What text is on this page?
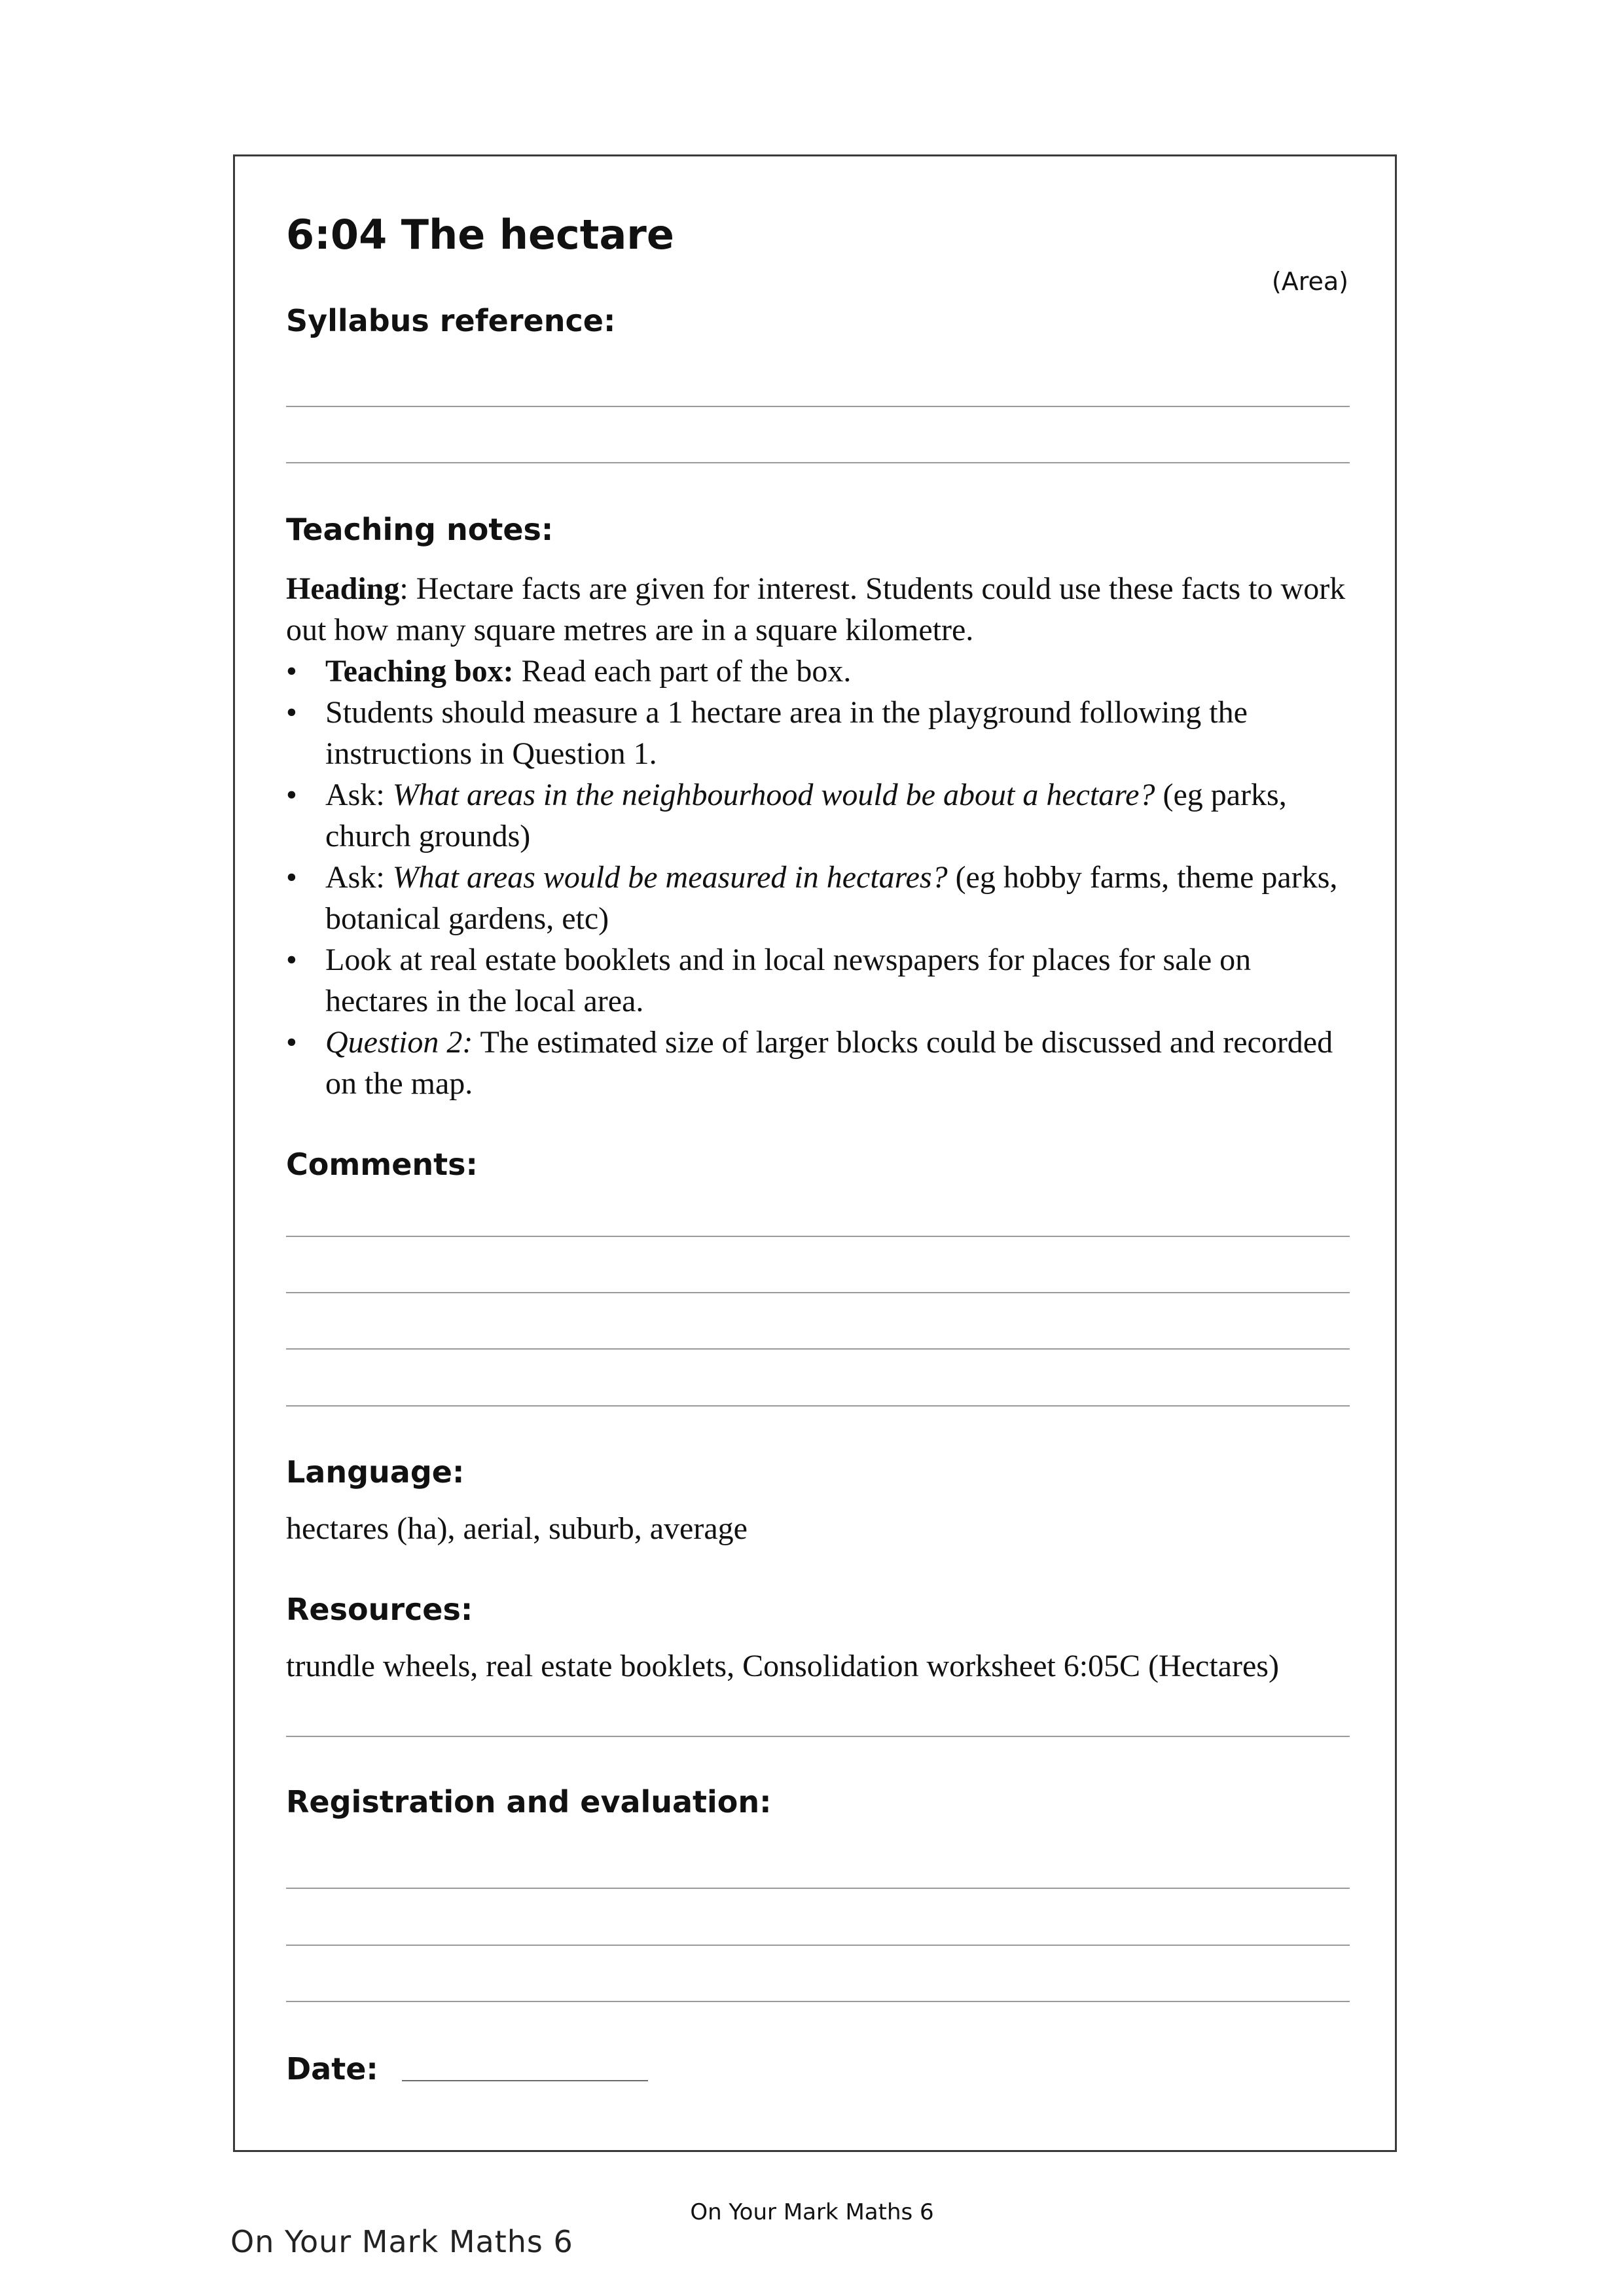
6:04 The hectare
(Area)
Syllabus reference:
Teaching notes:
Heading: Hectare facts are given for interest. Students could use these facts to work out how many square metres are in a square kilometre.
• Teaching box: Read each part of the box.
• Students should measure a 1 hectare area in the playground following the instructions in Question 1.
• Ask: What areas in the neighbourhood would be about a hectare? (eg parks, church grounds)
• Ask: What areas would be measured in hectares? (eg hobby farms, theme parks, botanical gardens, etc)
• Look at real estate booklets and in local newspapers for places for sale on hectares in the local area.
• Question 2: The estimated size of larger blocks could be discussed and recorded on the map.
Comments:
Language:
hectares (ha), aerial, suburb, average
Resources:
trundle wheels, real estate booklets, Consolidation worksheet 6:05C (Hectares)
Registration and evaluation:
Date:
On Your Mark Maths 6
On Your Mark Maths 6
